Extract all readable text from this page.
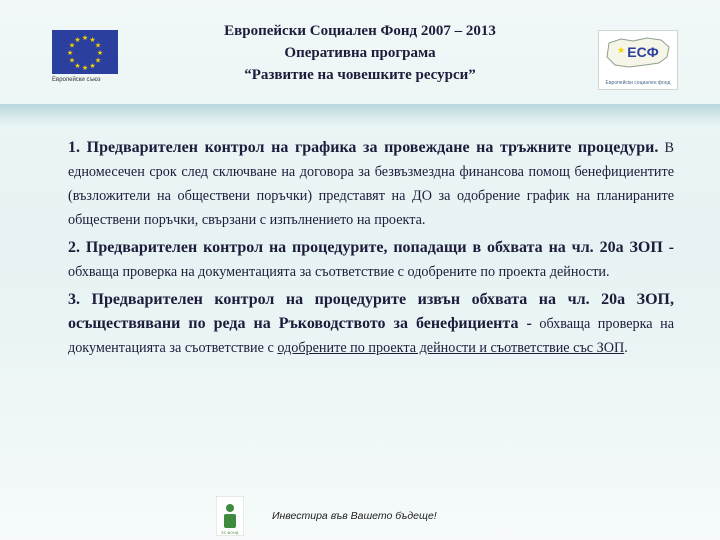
★ ★
★
★
★
★
★
★
★
★
★
★
Европейски съюз
Европейски Социален Фонд 2007 – 2013
Оперативна програма
“Развитие на човешките ресурси”
★ ЕСФ
Европейски социален фонд
1. Предварителен контрол на графика за провеждане на тръжните процедури. В едномесечен срок след сключване на договора за безвъзмездна финансова помощ бенефициентите (възложители на обществени поръчки) представят на ДО за одобрение график на планираните обществени поръчки, свързани с изпълнението на проекта.
2. Предварителен контрол на процедурите, попадащи в обхвата на чл. 20а ЗОП - обхваща проверка на документацията за съответствие с одобрените по проекта дейности.
3. Предварителен контрол на процедурите извън обхвата на чл. 20а ЗОП, осъществявани по реда на Ръководството за бенефициента - обхваща проверка на документацията за съответствие с одобрените по проекта дейности и съответствие със ЗОП.
ЕС ФОНД
Инвестира във Вашето бъдеще!
